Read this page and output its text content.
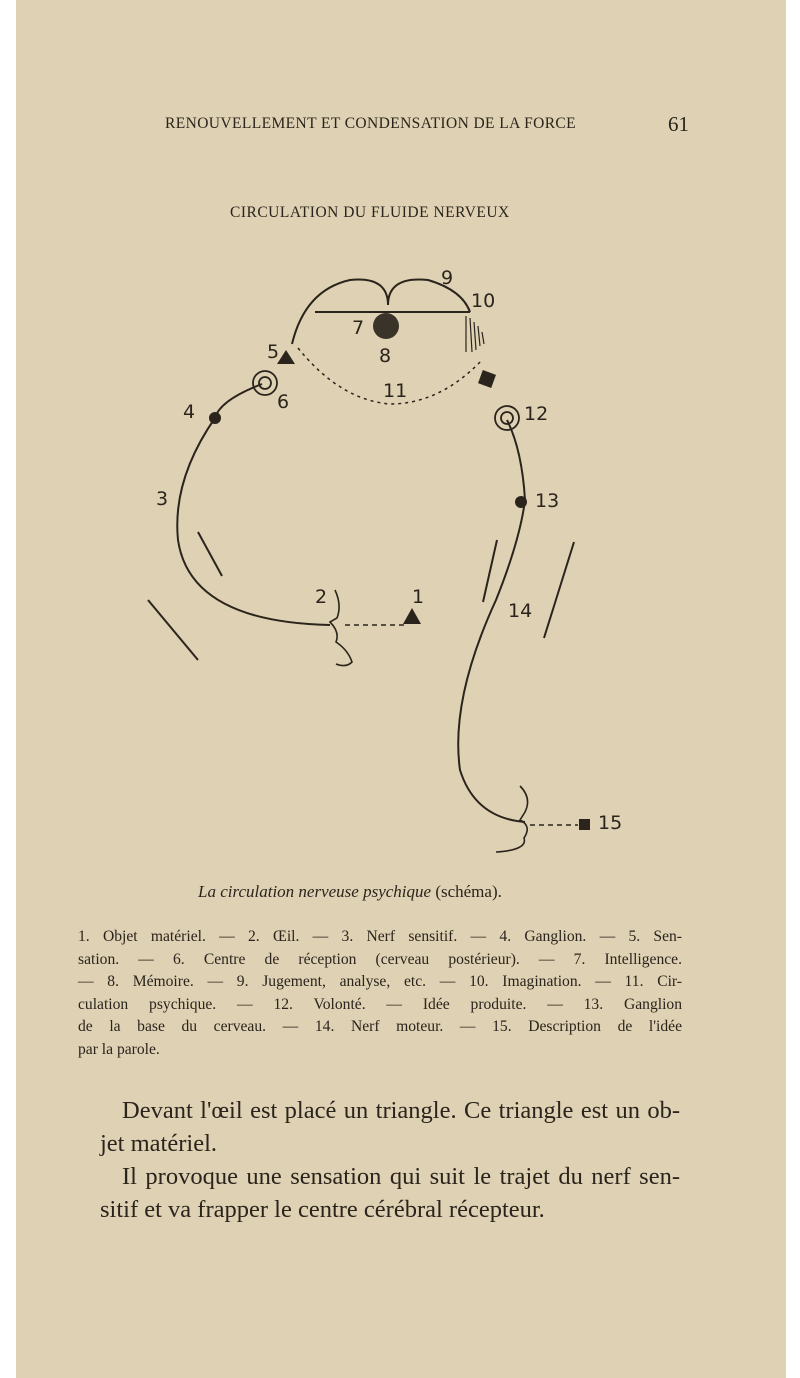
RENOUVELLEMENT ET CONDENSATION DE LA FORCE	61
CIRCULATION DU FLUIDE NERVEUX
1
2
3
4
5
6
7
8
9
10
11
12
13
14
15
La circulation nerveuse psychique (schéma).
1. Objet matériel. — 2. Œil. — 3. Nerf sensitif. — 4. Ganglion. — 5. Sen-
sation. — 6. Centre de réception (cerveau postérieur). — 7. Intelligence.
— 8. Mémoire. — 9. Jugement, analyse, etc. — 10. Imagination. — 11. Cir-
culation psychique. — 12. Volonté. — Idée produite. — 13. Ganglion
de la base du cerveau. — 14. Nerf moteur. — 15. Description de l'idée
par la parole.
Devant l'œil est placé un triangle. Ce triangle est un ob-
jet matériel.
Il provoque une sensation qui suit le trajet du nerf sen-
sitif et va frapper le centre cérébral récepteur.
